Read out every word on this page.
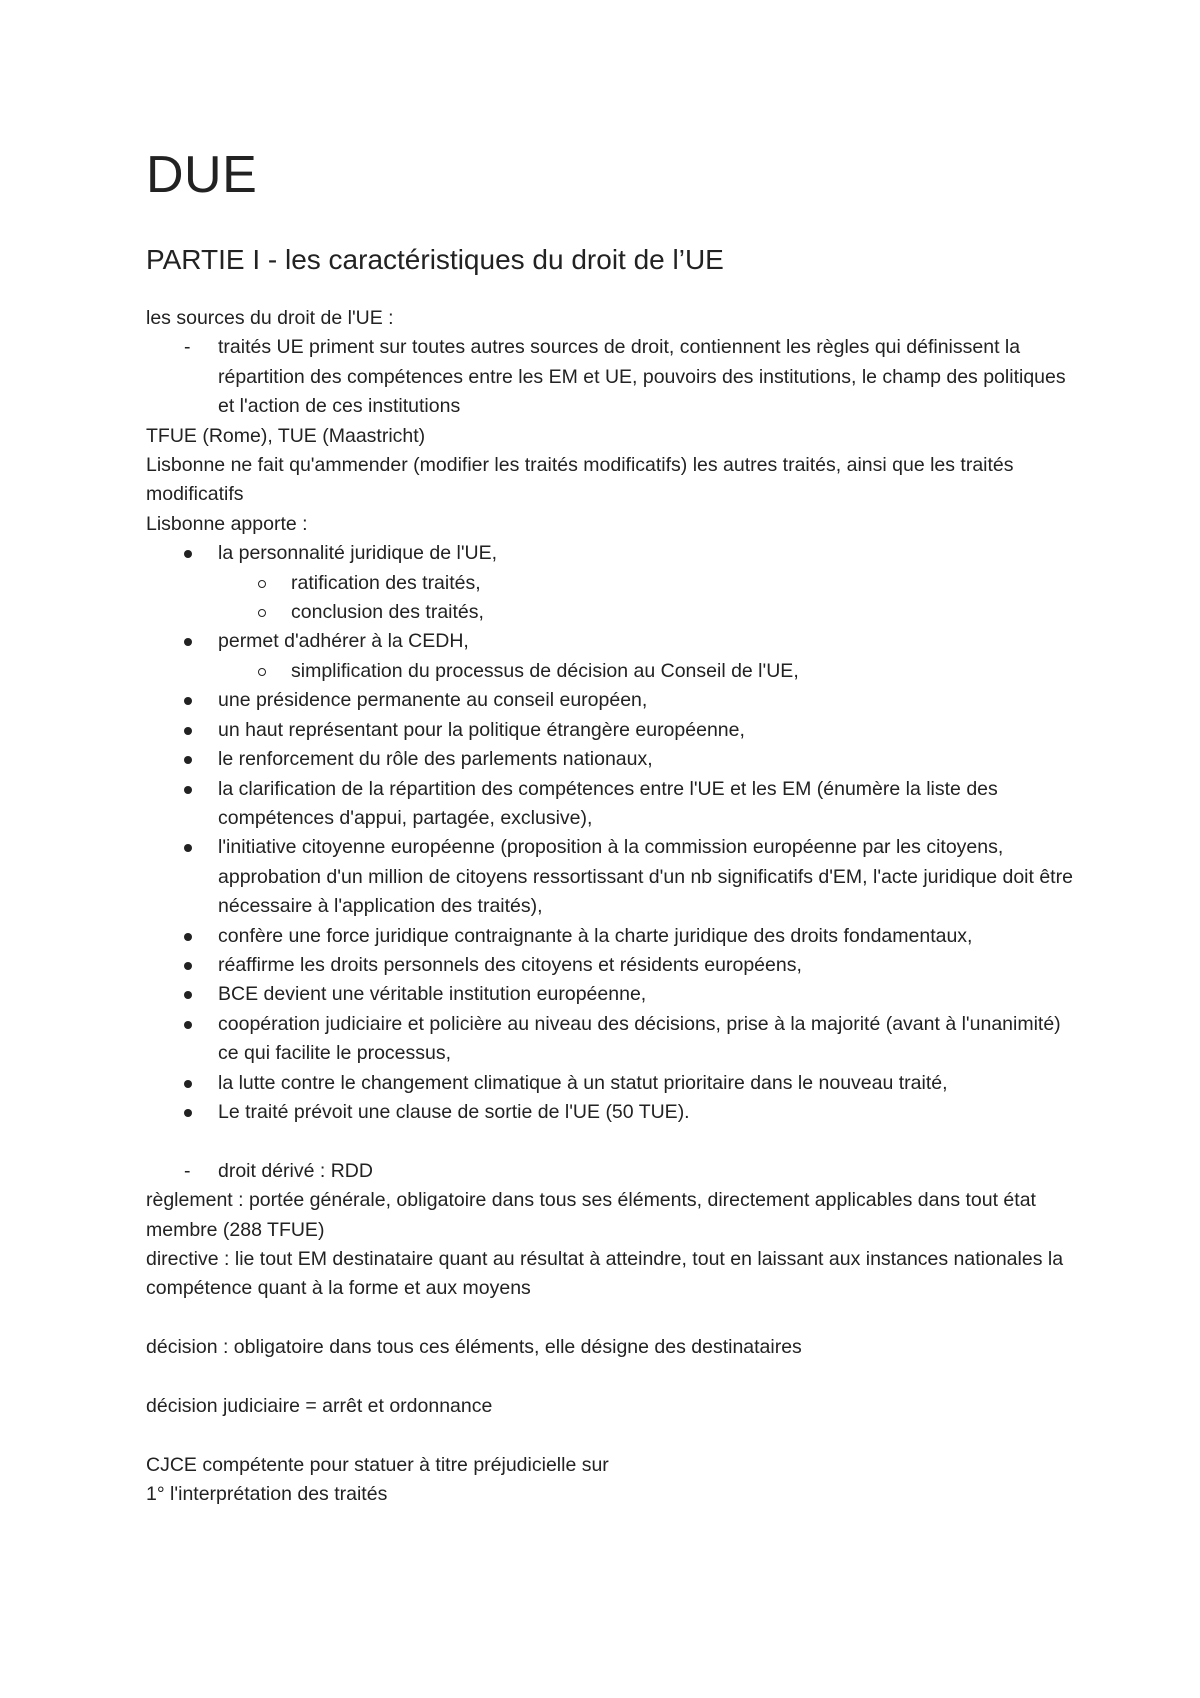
DUE
PARTIE I - les caractéristiques du droit de l’UE
les sources du droit de l'UE :
- traités UE priment sur toutes autres sources de droit, contiennent les règles qui définissent la répartition des compétences entre les EM et UE, pouvoirs des institutions, le champ des politiques et l'action de ces institutions
TFUE (Rome), TUE (Maastricht)
Lisbonne ne fait qu'ammender (modifier les traités modificatifs) les autres traités, ainsi que les traités modificatifs
Lisbonne apporte :
la personnalité juridique de l'UE,
ratification des traités,
conclusion des traités,
permet d'adhérer à la CEDH,
simplification du processus de décision au Conseil de l'UE,
une présidence permanente au conseil européen,
un haut représentant pour la politique étrangère européenne,
le renforcement du rôle des parlements nationaux,
la clarification de la répartition des compétences entre l'UE et les EM (énumère la liste des compétences d'appui, partagée, exclusive),
l'initiative citoyenne européenne (proposition à la commission européenne par les citoyens, approbation d'un million de citoyens ressortissant d'un nb significatifs d'EM, l'acte juridique doit être nécessaire à l'application des traités),
confère une force juridique contraignante à la charte juridique des droits fondamentaux,
réaffirme les droits personnels des citoyens et résidents européens,
BCE devient une véritable institution européenne,
coopération judiciaire et policière au niveau des décisions, prise à la majorité (avant à l'unanimité) ce qui facilite le processus,
la lutte contre le changement climatique à un statut prioritaire dans le nouveau traité,
Le traité prévoit une clause de sortie de l'UE (50 TUE).
- droit dérivé : RDD
règlement : portée générale, obligatoire dans tous ses éléments, directement applicables dans tout état membre (288 TFUE)
directive : lie tout EM destinataire quant au résultat à atteindre, tout en laissant aux instances nationales la compétence quant à la forme et aux moyens
décision : obligatoire dans tous ces éléments, elle désigne des destinataires
décision judiciaire = arrêt et ordonnance
CJCE compétente pour statuer à titre préjudicielle sur
1° l'interprétation des traités
